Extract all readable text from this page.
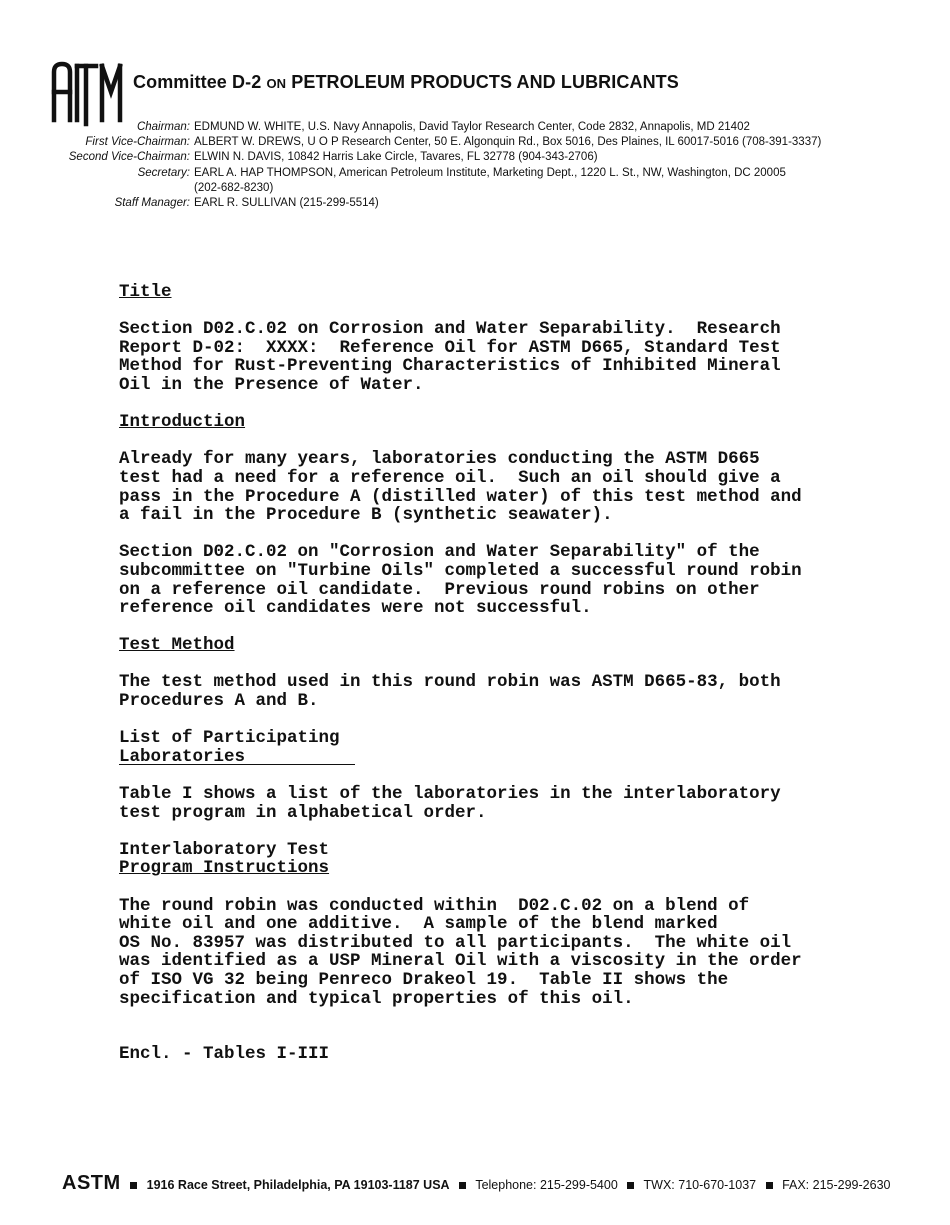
Committee D-2 ON PETROLEUM PRODUCTS AND LUBRICANTS
Chairman: EDMUND W. WHITE, U.S. Navy Annapolis, David Taylor Research Center, Code 2832, Annapolis, MD 21402
First Vice-Chairman: ALBERT W. DREWS, U O P Research Center, 50 E. Algonquin Rd., Box 5016, Des Plaines, IL 60017-5016 (708-391-3337)
Second Vice-Chairman: ELWIN N. DAVIS, 10842 Harris Lake Circle, Tavares, FL 32778 (904-343-2706)
Secretary: EARL A. HAP THOMPSON, American Petroleum Institute, Marketing Dept., 1220 L. St., NW, Washington, DC 20005
(202-682-8230)
Staff Manager: EARL R. SULLIVAN (215-299-5514)

Title

Section D02.C.02 on Corrosion and Water Separability.  Research
Report D-02:  XXXX:  Reference Oil for ASTM D665, Standard Test
Method for Rust-Preventing Characteristics of Inhibited Mineral
Oil in the Presence of Water.

Introduction

Already for many years, laboratories conducting the ASTM D665
test had a need for a reference oil.  Such an oil should give a
pass in the Procedure A (distilled water) of this test method and
a fail in the Procedure B (synthetic seawater).

Section D02.C.02 on "Corrosion and Water Separability" of the
subcommittee on "Turbine Oils" completed a successful round robin
on a reference oil candidate.  Previous round robins on other
reference oil candidates were not successful.

Test Method

The test method used in this round robin was ASTM D665-83, both
Procedures A and B.

List of Participating

Laboratories

Table I shows a list of the laboratories in the interlaboratory
test program in alphabetical order.

Interlaboratory Test

Program Instructions

The round robin was conducted within  D02.C.02 on a blend of
white oil and one additive.  A sample of the blend marked
OS No. 83957 was distributed to all participants.  The white oil
was identified as a USP Mineral Oil with a viscosity in the order
of ISO VG 32 being Penreco Drakeol 19.  Table II shows the
specification and typical properties of this oil.

Encl. - Tables I-III

ASTM 1916 Race Street, Philadelphia, PA 19103-1187 USA Telephone: 215-299-5400 TWX: 710-670-1037 FAX: 215-299-2630
